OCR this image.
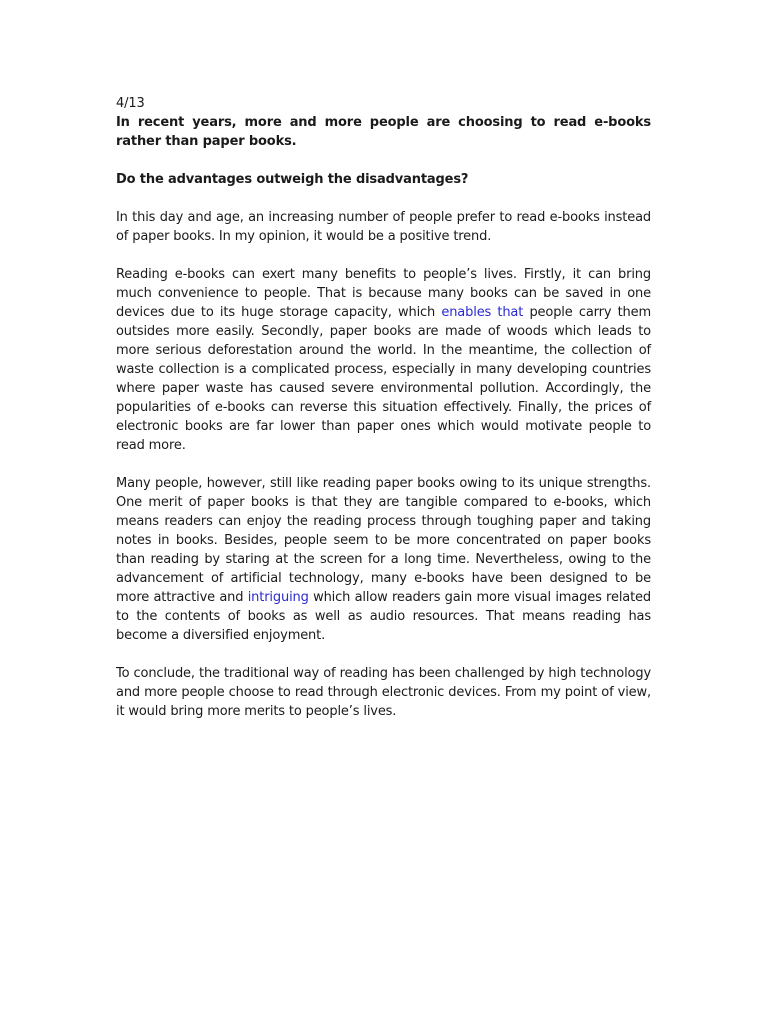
4/13

In recent years, more and more people are choosing to read e-books rather than paper books.

Do the advantages outweigh the disadvantages?

In this day and age, an increasing number of people prefer to read e-books instead of paper books. In my opinion, it would be a positive trend.

Reading e-books can exert many benefits to people’s lives. Firstly, it can bring much convenience to people. That is because many books can be saved in one devices due to its huge storage capacity, which enables that people carry them outsides more easily. Secondly, paper books are made of woods which leads to more serious deforestation around the world. In the meantime, the collection of waste collection is a complicated process, especially in many developing countries where paper waste has caused severe environmental pollution. Accordingly, the popularities of e-books can reverse this situation effectively. Finally, the prices of electronic books are far lower than paper ones which would motivate people to read more.

Many people, however, still like reading paper books owing to its unique strengths. One merit of paper books is that they are tangible compared to e-books, which means readers can enjoy the reading process through toughing paper and taking notes in books. Besides, people seem to be more concentrated on paper books than reading by staring at the screen for a long time. Nevertheless, owing to the advancement of artificial technology, many e-books have been designed to be more attractive and intriguing which allow readers gain more visual images related to the contents of books as well as audio resources. That means reading has become a diversified enjoyment.

To conclude, the traditional way of reading has been challenged by high technology and more people choose to read through electronic devices. From my point of view, it would bring more merits to people’s lives.
